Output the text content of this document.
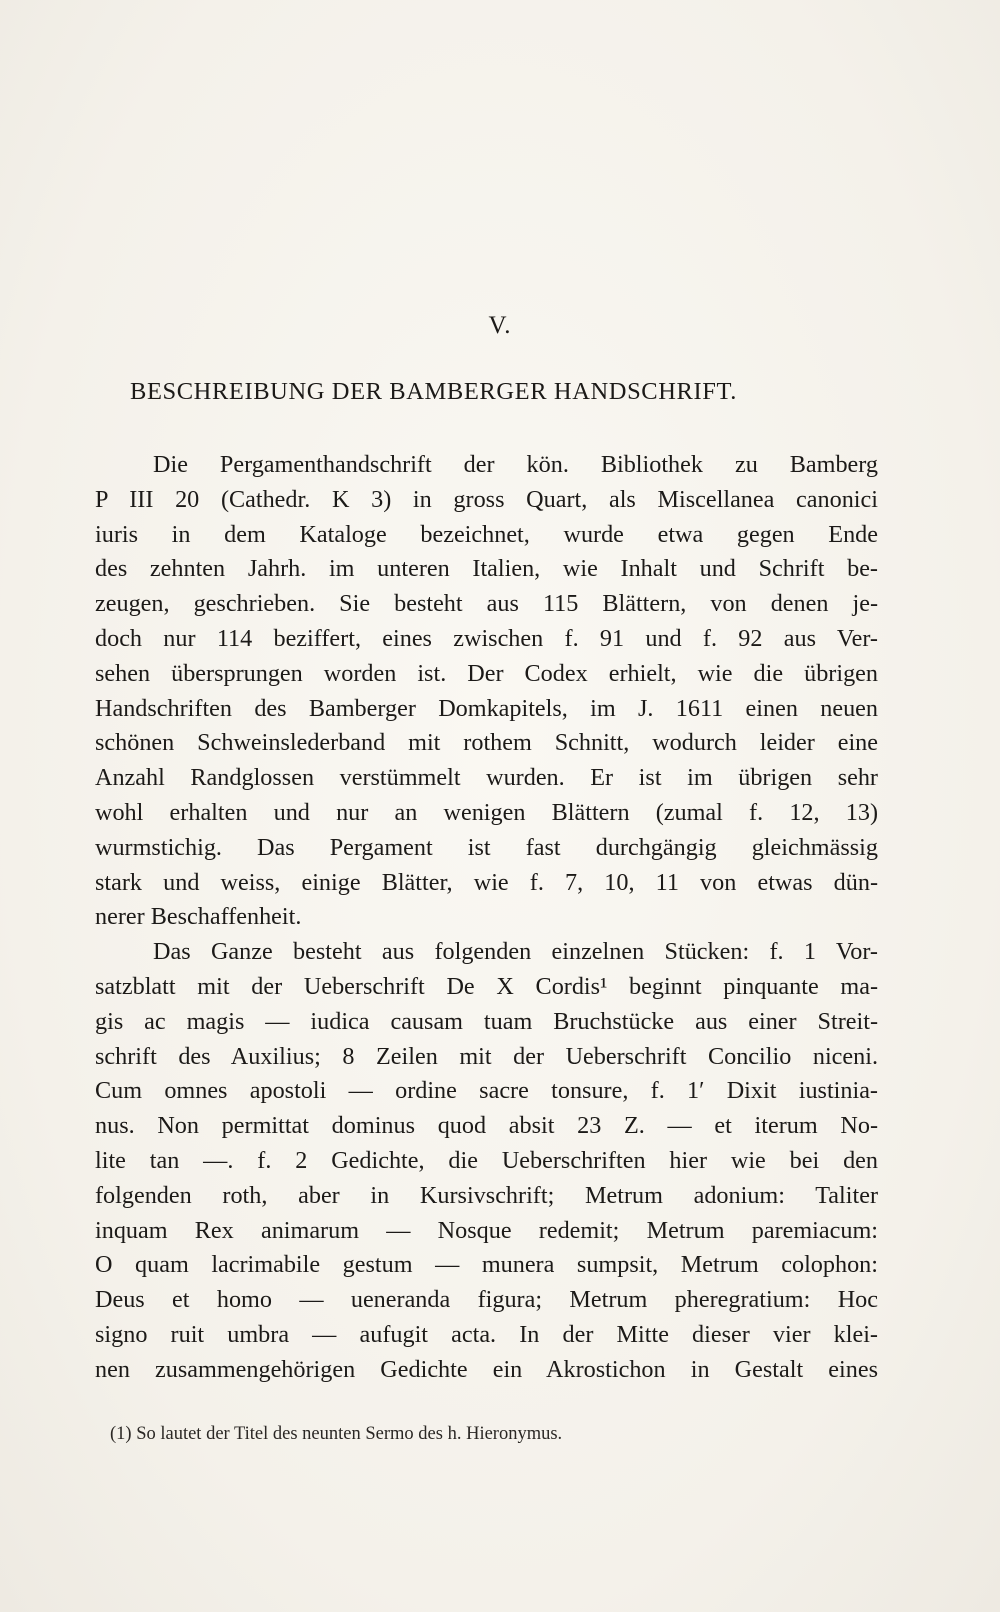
V.
BESCHREIBUNG DER BAMBERGER HANDSCHRIFT.
Die Pergamenthandschrift der kön. Bibliothek zu Bamberg
P III 20 (Cathedr. K 3) in gross Quart, als Miscellanea canonici
iuris in dem Kataloge bezeichnet, wurde etwa gegen Ende
des zehnten Jahrh. im unteren Italien, wie Inhalt und Schrift be-
zeugen, geschrieben. Sie besteht aus 115 Blättern, von denen je-
doch nur 114 beziffert, eines zwischen f. 91 und f. 92 aus Ver-
sehen übersprungen worden ist. Der Codex erhielt, wie die übrigen
Handschriften des Bamberger Domkapitels, im J. 1611 einen neuen
schönen Schweinslederband mit rothem Schnitt, wodurch leider eine
Anzahl Randglossen verstümmelt wurden. Er ist im übrigen sehr
wohl erhalten und nur an wenigen Blättern (zumal f. 12, 13)
wurmstichig. Das Pergament ist fast durchgängig gleichmässig
stark und weiss, einige Blätter, wie f. 7, 10, 11 von etwas dün-
nerer Beschaffenheit.
Das Ganze besteht aus folgenden einzelnen Stücken: f. 1 Vor-
satzblatt mit der Ueberschrift De X Cordis¹ beginnt pinquante ma-
gis ac magis — iudica causam tuam Bruchstücke aus einer Streit-
schrift des Auxilius; 8 Zeilen mit der Ueberschrift Concilio niceni.
Cum omnes apostoli — ordine sacre tonsure, f. 1′ Dixit iustinia-
nus. Non permittat dominus quod absit 23 Z. — et iterum No-
lite tan —. f. 2 Gedichte, die Ueberschriften hier wie bei den
folgenden roth, aber in Kursivschrift; Metrum adonium: Taliter
inquam Rex animarum — Nosque redemit; Metrum paremiacum:
O quam lacrimabile gestum — munera sumpsit, Metrum colophon:
Deus et homo — ueneranda figura; Metrum pheregratium: Hoc
signo ruit umbra — aufugit acta. In der Mitte dieser vier klei-
nen zusammengehörigen Gedichte ein Akrostichon in Gestalt eines
(1) So lautet der Titel des neunten Sermo des h. Hieronymus.
